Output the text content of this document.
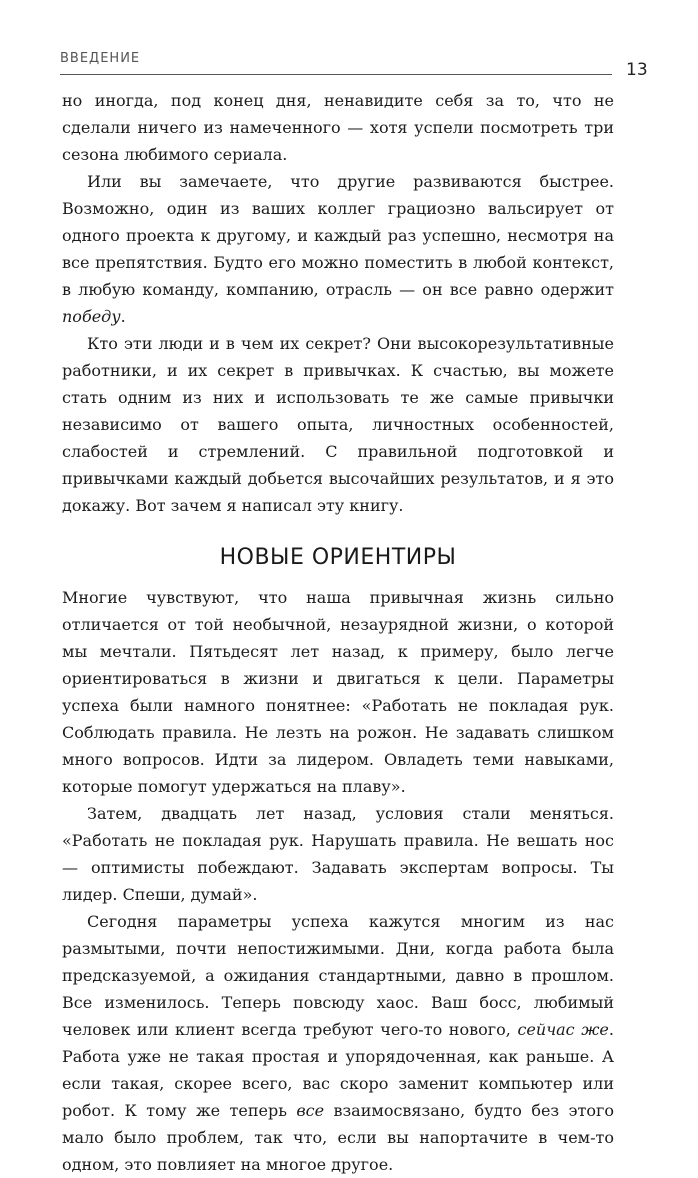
ВВЕДЕНИЕ
13

но иногда, под конец дня, ненавидите себя за то, что не сделали ничего из намеченного — хотя успели посмотреть три сезона любимого сериала.

Или вы замечаете, что другие развиваются быстрее. Возможно, один из ваших коллег грациозно вальсирует от одного проекта к другому, и каждый раз успешно, несмотря на все препятствия. Будто его можно поместить в любой контекст, в любую команду, компанию, отрасль — он все равно одержит победу.

Кто эти люди и в чем их секрет? Они высокорезультативные работники, и их секрет в привычках. К счастью, вы можете стать одним из них и использовать те же самые привычки независимо от вашего опыта, личностных особенностей, слабостей и стремлений. С правильной подготовкой и привычками каждый добьется высочайших результатов, и я это докажу. Вот зачем я написал эту книгу.

НОВЫЕ ОРИЕНТИРЫ

Многие чувствуют, что наша привычная жизнь сильно отличается от той необычной, незаурядной жизни, о которой мы мечтали. Пятьдесят лет назад, к примеру, было легче ориентироваться в жизни и двигаться к цели. Параметры успеха были намного понятнее: «Работать не покладая рук. Соблюдать правила. Не лезть на рожон. Не задавать слишком много вопросов. Идти за лидером. Овладеть теми навыками, которые помогут удержаться на плаву».

Затем, двадцать лет назад, условия стали меняться. «Работать не покладая рук. Нарушать правила. Не вешать нос — оптимисты побеждают. Задавать экспертам вопросы. Ты лидер. Спеши, думай».

Сегодня параметры успеха кажутся многим из нас размытыми, почти непостижимыми. Дни, когда работа была предсказуемой, а ожидания стандартными, давно в прошлом. Все изменилось. Теперь повсюду хаос. Ваш босс, любимый человек или клиент всегда требуют чего-то нового, сейчас же. Работа уже не такая простая и упорядоченная, как раньше. А если такая, скорее всего, вас скоро заменит компьютер или робот. К тому же теперь все взаимосвязано, будто без этого мало было проблем, так что, если вы напортачите в чем-то одном, это повлияет на многое другое.
